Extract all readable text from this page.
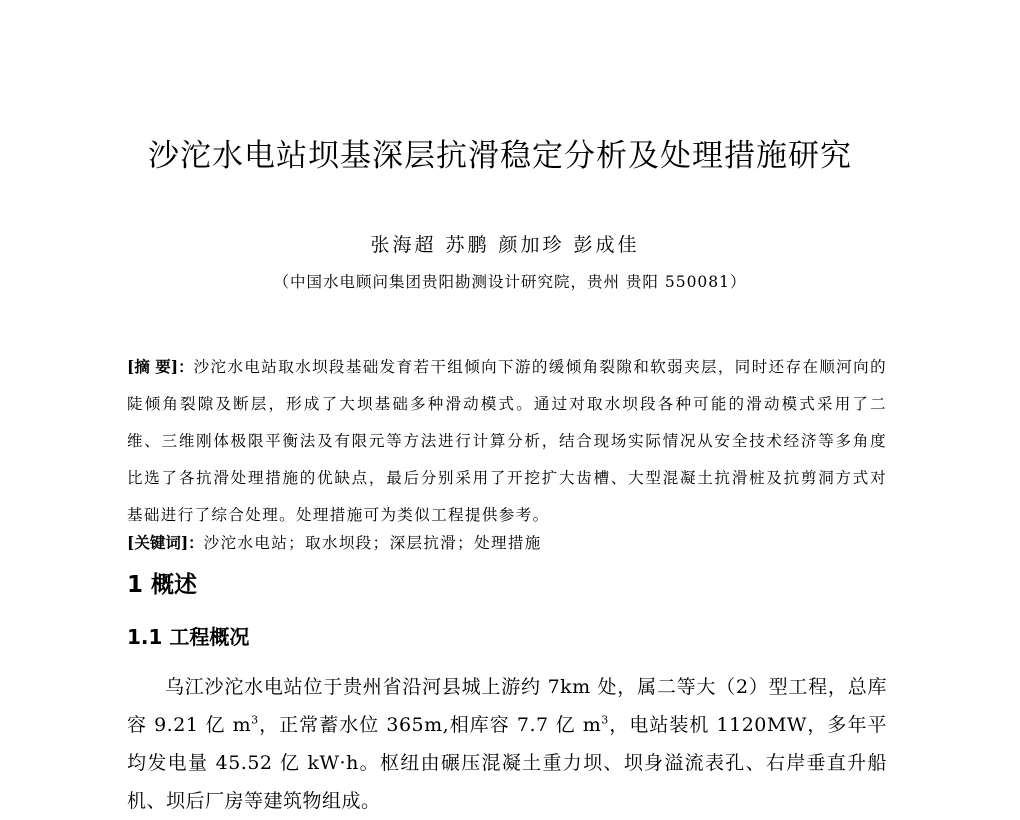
沙沱水电站坝基深层抗滑稳定分析及处理措施研究
张海超 苏鹏 颜加珍 彭成佳
（中国水电顾问集团贵阳勘测设计研究院，贵州 贵阳 550081）

[摘 要]：沙沱水电站取水坝段基础发育若干组倾向下游的缓倾角裂隙和软弱夹层，同时还存在顺河向的陡倾角裂隙及断层，形成了大坝基础多种滑动模式。通过对取水坝段各种可能的滑动模式采用了二维、三维刚体极限平衡法及有限元等方法进行计算分析，结合现场实际情况从安全技术经济等多角度比选了各抗滑处理措施的优缺点，最后分别采用了开挖扩大齿槽、大型混凝土抗滑桩及抗剪洞方式对基础进行了综合处理。处理措施可为类似工程提供参考。

[关键词]：沙沱水电站；取水坝段；深层抗滑；处理措施
1 概述
1.1 工程概况

乌江沙沱水电站位于贵州省沿河县城上游约 7km 处，属二等大（2）型工程，总库容 9.21 亿 $m^3$，正常蓄水位 365m,相库容 7.7 亿 $m^3$，电站装机 1120MW，多年平均发电量 45.52 亿 kW·h。枢纽由碾压混凝土重力坝、坝身溢流表孔、右岸垂直升船机、坝后厂房等建筑物组成。
